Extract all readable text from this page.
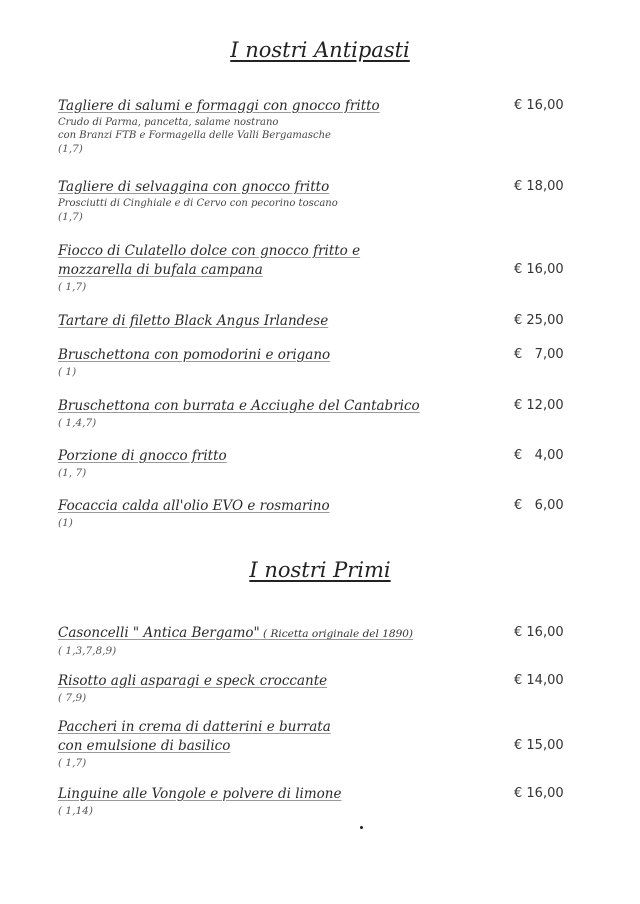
I nostri Antipasti
Tagliere di salumi e formaggi con gnocco fritto
Crudo di Parma, pancetta, salame nostrano
con Branzi FTB e Formagella delle Valli Bergamasche
(1,7)
€ 16,00
Tagliere di selvaggina con gnocco fritto
Prosciutti di Cinghiale e di Cervo con pecorino toscano
(1,7)
€ 18,00
Fiocco di Culatello dolce con gnocco fritto e
mozzarella di bufala campana
( 1,7)
€ 16,00
Tartare di filetto Black Angus Irlandese	€ 25,00
Bruschettona con pomodorini e origano
( 1)
€   7,00
Bruschettona con burrata e Acciughe del Cantabrico
( 1,4,7)
€ 12,00
Porzione di gnocco fritto
(1, 7)
€   4,00
Focaccia calda all'olio EVO e rosmarino
(1)
€   6,00
I nostri Primi
Casoncelli " Antica Bergamo" ( Ricetta originale del 1890)
( 1,3,7,8,9)
€ 16,00
Risotto agli asparagi e speck croccante
( 7,9)
€ 14,00
Paccheri in crema di datterini e burrata
con emulsione di basilico
( 1,7)
€ 15,00
Linguine alle Vongole e polvere di limone
( 1,14)
€ 16,00
